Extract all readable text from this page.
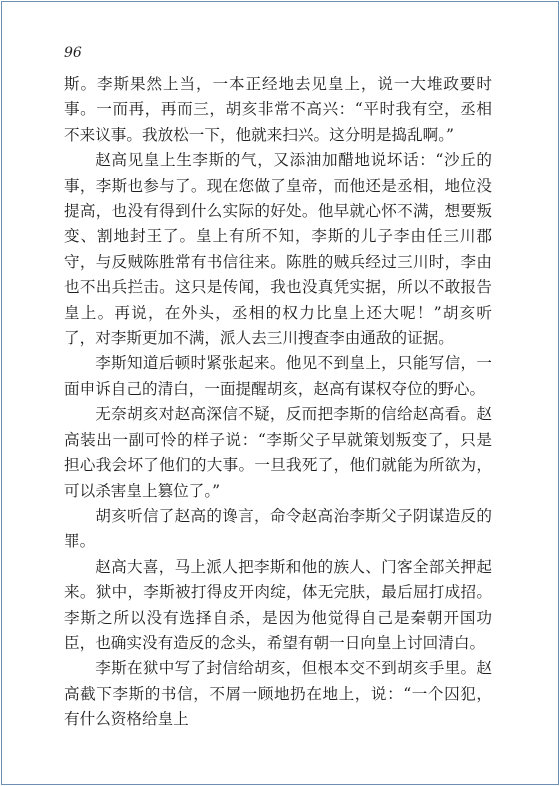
96

斯。李斯果然上当，一本正经地去见皇上，说一大堆政要时事。一而再，再而三，胡亥非常不高兴：“平时我有空，丞相不来议事。我放松一下，他就来扫兴。这分明是捣乱啊。”

赵高见皇上生李斯的气，又添油加醋地说坏话：“沙丘的事，李斯也参与了。现在您做了皇帝，而他还是丞相，地位没提高，也没有得到什么实际的好处。他早就心怀不满，想要叛变、割地封王了。皇上有所不知，李斯的儿子李由任三川郡守，与反贼陈胜常有书信往来。陈胜的贼兵经过三川时，李由也不出兵拦击。这只是传闻，我也没真凭实据，所以不敢报告皇上。再说，在外头，丞相的权力比皇上还大呢！”胡亥听了，对李斯更加不满，派人去三川搜查李由通敌的证据。

李斯知道后顿时紧张起来。他见不到皇上，只能写信，一面申诉自己的清白，一面提醒胡亥，赵高有谋权夺位的野心。

无奈胡亥对赵高深信不疑，反而把李斯的信给赵高看。赵高装出一副可怜的样子说：“李斯父子早就策划叛变了，只是担心我会坏了他们的大事。一旦我死了，他们就能为所欲为，可以杀害皇上篡位了。”

胡亥听信了赵高的谗言，命令赵高治李斯父子阴谋造反的罪。

赵高大喜，马上派人把李斯和他的族人、门客全部关押起来。狱中，李斯被打得皮开肉绽，体无完肤，最后屈打成招。李斯之所以没有选择自杀，是因为他觉得自己是秦朝开国功臣，也确实没有造反的念头，希望有朝一日向皇上讨回清白。

李斯在狱中写了封信给胡亥，但根本交不到胡亥手里。赵高截下李斯的书信，不屑一顾地扔在地上，说：“一个囚犯，有什么资格给皇上
